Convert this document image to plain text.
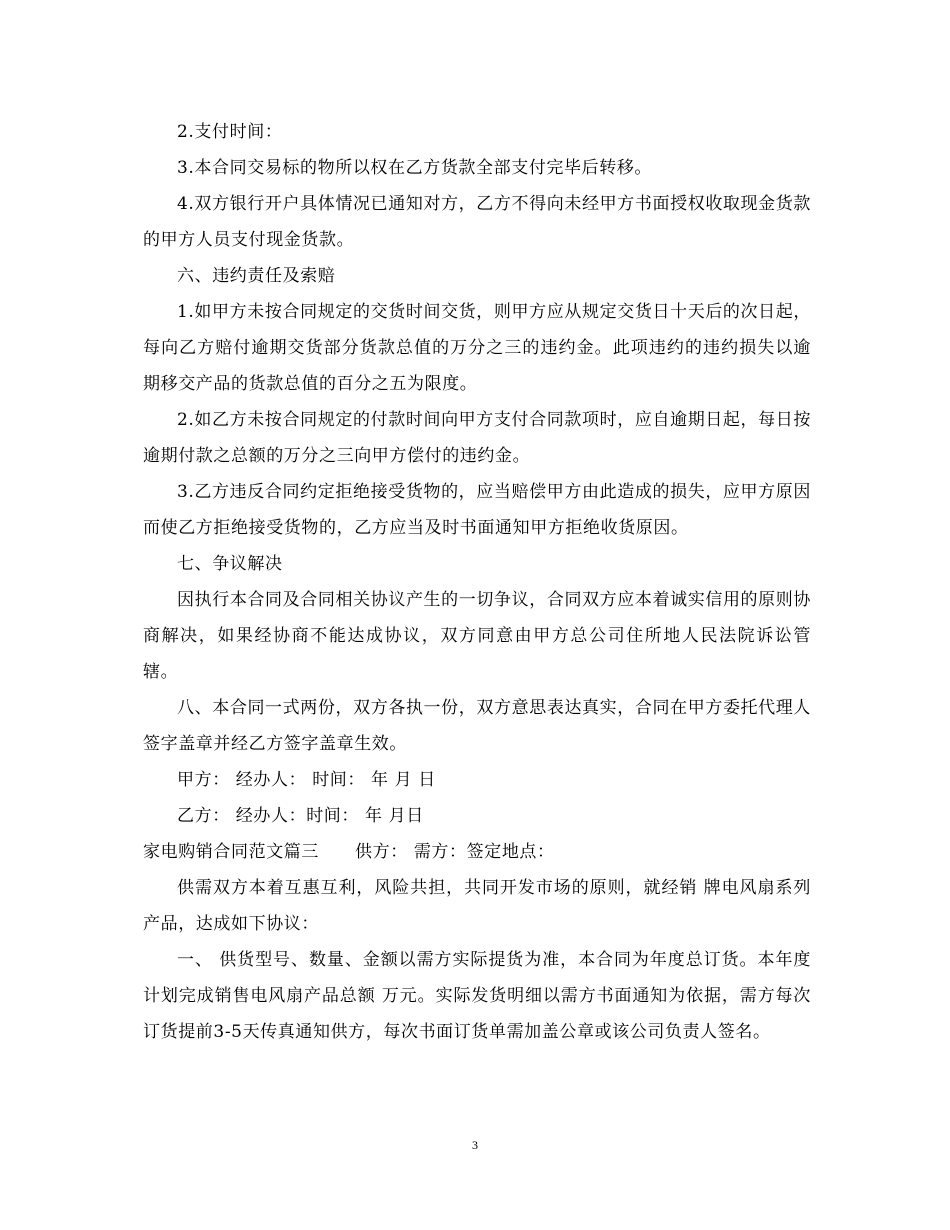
2.支付时间：

3.本合同交易标的物所以权在乙方货款全部支付完毕后转移。

4.双方银行开户具体情况已通知对方，乙方不得向未经甲方书面授权收取现金货款的甲方人员支付现金货款。

六、违约责任及索赔

1.如甲方未按合同规定的交货时间交货，则甲方应从规定交货日十天后的次日起，每向乙方赔付逾期交货部分货款总值的万分之三的违约金。此项违约的违约损失以逾期移交产品的货款总值的百分之五为限度。

2.如乙方未按合同规定的付款时间向甲方支付合同款项时，应自逾期日起，每日按逾期付款之总额的万分之三向甲方偿付的违约金。

3.乙方违反合同约定拒绝接受货物的，应当赔偿甲方由此造成的损失，应甲方原因而使乙方拒绝接受货物的，乙方应当及时书面通知甲方拒绝收货原因。

七、争议解决

因执行本合同及合同相关协议产生的一切争议，合同双方应本着诚实信用的原则协商解决，如果经协商不能达成协议，双方同意由甲方总公司住所地人民法院诉讼管辖。

八、本合同一式两份，双方各执一份，双方意思表达真实，合同在甲方委托代理人签字盖章并经乙方签字盖章生效。

甲方： 经办人： 时间： 年 月 日

乙方： 经办人：时间： 年 月日

家电购销合同范文篇三      供方： 需方：签定地点：

供需双方本着互惠互利，风险共担，共同开发市场的原则，就经销 牌电风扇系列产品，达成如下协议：

一、 供货型号、数量、金额以需方实际提货为准，本合同为年度总订货。本年度计划完成销售电风扇产品总额 万元。实际发货明细以需方书面通知为依据，需方每次订货提前3-5天传真通知供方，每次书面订货单需加盖公章或该公司负责人签名。

3
